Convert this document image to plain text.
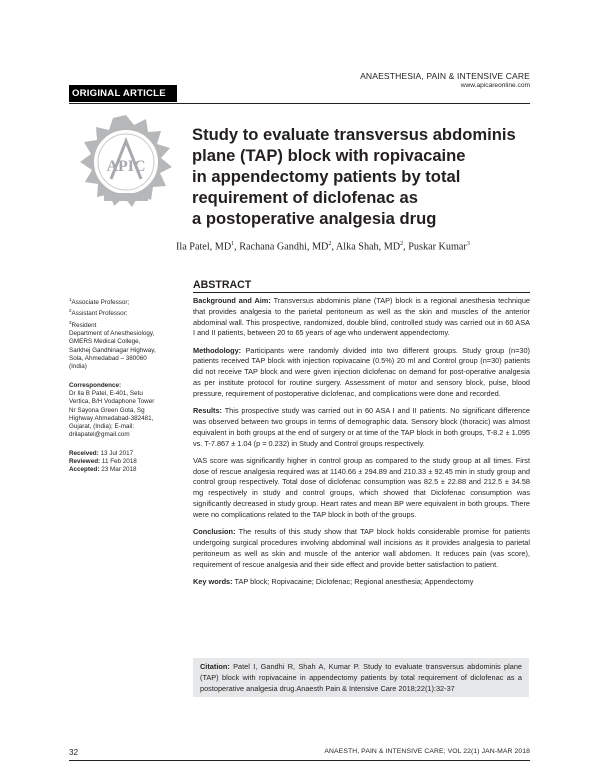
ANAESTHESIA, PAIN & INTENSIVE CARE
www.apicareonline.com
ORIGINAL ARTICLE
APIC
Study to evaluate transversus abdominis
plane (TAP) block with ropivacaine
in appendectomy patients by total
requirement of diclofenac as
a postoperative analgesia drug
Ila Patel, $MD^1$, Rachana Gandhi, $MD^2$, Alka Shah, $MD^2$, Puskar Kumar$^3$
ABSTRACT
$^1$Associate Professor;
$^2$Assistant Professor;
$^3$Resident
Department of Anesthesiology,
GMERS Medical College,
Sarkhej Gandhinagar Highway,
Sola, Ahmedabad – 380060
(India)
Correspondence:
Dr Ila B Patel, E-401, Setu
Vertica, B/H Vodaphone Tower
Nr Sayona Green Gota, Sg
Highway Ahmedabad-382481,
Gujarat, (India); E-mail:
drilapatel@gmail.com
Received: 13 Jul 2017
Reviewed: 11 Feb 2018
Accepted: 23 Mar 2018

Background and Aim: Transversus abdominis plane (TAP) block is a regional anesthesia technique that provides analgesia to the parietal peritoneum as well as the skin and muscles of the anterior abdominal wall. This prospective, randomized, double blind, controlled study was carried out in 60 ASA I and II patients, between 20 to 65 years of age who underwent appendectomy.

Methodology: Participants were randomly divided into two different groups. Study group (n=30) patients received TAP block with injection ropivacaine (0.5%) 20 ml and Control group (n=30) patients did not receive TAP block and were given injection diclofenac on demand for post-operative analgesia as per institute protocol for routine surgery. Assessment of motor and sensory block, pulse, blood pressure, requirement of postoperative diclofenac, and complications were done and recorded.

Results: This prospective study was carried out in 60 ASA I and II patients. No significant difference was observed between two groups in terms of demographic data. Sensory block (thoracic) was almost equivalent in both groups at the end of surgery or at time of the TAP block in both groups, T-8.2 ± 1.095 vs. T-7.867 ± 1.04 (p = 0.232) in Study and Control groups respectively.

VAS score was significantly higher in control group as compared to the study group at all times. First dose of rescue analgesia required was at 1140.66 ± 294.89 and 210.33 ± 92.45 min in study group and control group respectively. Total dose of diclofenac consumption was 82.5 ± 22.88 and 212.5 ± 34.58 mg respectively in study and control groups, which showed that Diclofenac consumption was significantly decreased in study group. Heart rates and mean BP were equivalent in both groups. There were no complications related to the TAP block in both of the groups.

Conclusion: The results of this study show that TAP block holds considerable promise for patients undergoing surgical procedures involving abdominal wall incisions as it provides analgesia to parietal peritoneum as well as skin and muscle of the anterior wall abdomen. It reduces pain (vas score), requirement of rescue analgesia and their side effect and provide better satisfaction to patient.

Key words: TAP block; Ropivacaine; Diclofenac; Regional anesthesia; Appendectomy

Citation: Patel I, Gandhi R, Shah A, Kumar P. Study to evaluate transversus abdominis plane (TAP) block with ropivacaine in appendectomy patients by total requirement of diclofenac as a postoperative analgesia drug.Anaesth Pain & Intensive Care 2018;22(1):32-37
32	ANAESTH, PAIN & INTENSIVE CARE; VOL 22(1) JAN-MAR 2018
